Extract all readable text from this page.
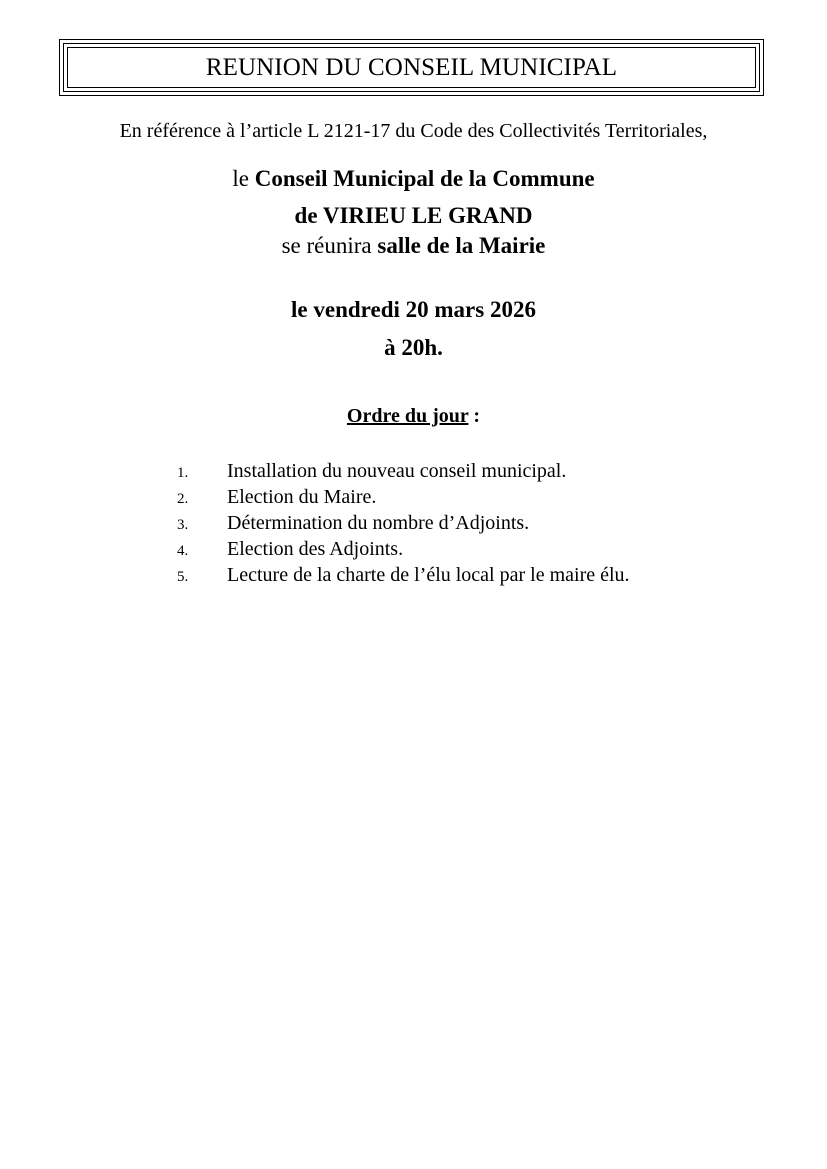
REUNION DU CONSEIL MUNICIPAL
En référence à l’article L 2121-17 du Code des Collectivités Territoriales,
le Conseil Municipal de la Commune
de VIRIEU LE GRAND
se réunira salle de la Mairie
le vendredi 20 mars 2026
à 20h.
Ordre du jour :
1. Installation du nouveau conseil municipal.
2. Election du Maire.
3. Détermination du nombre d’Adjoints.
4. Election des Adjoints.
5. Lecture de la charte de l’élu local par le maire élu.
